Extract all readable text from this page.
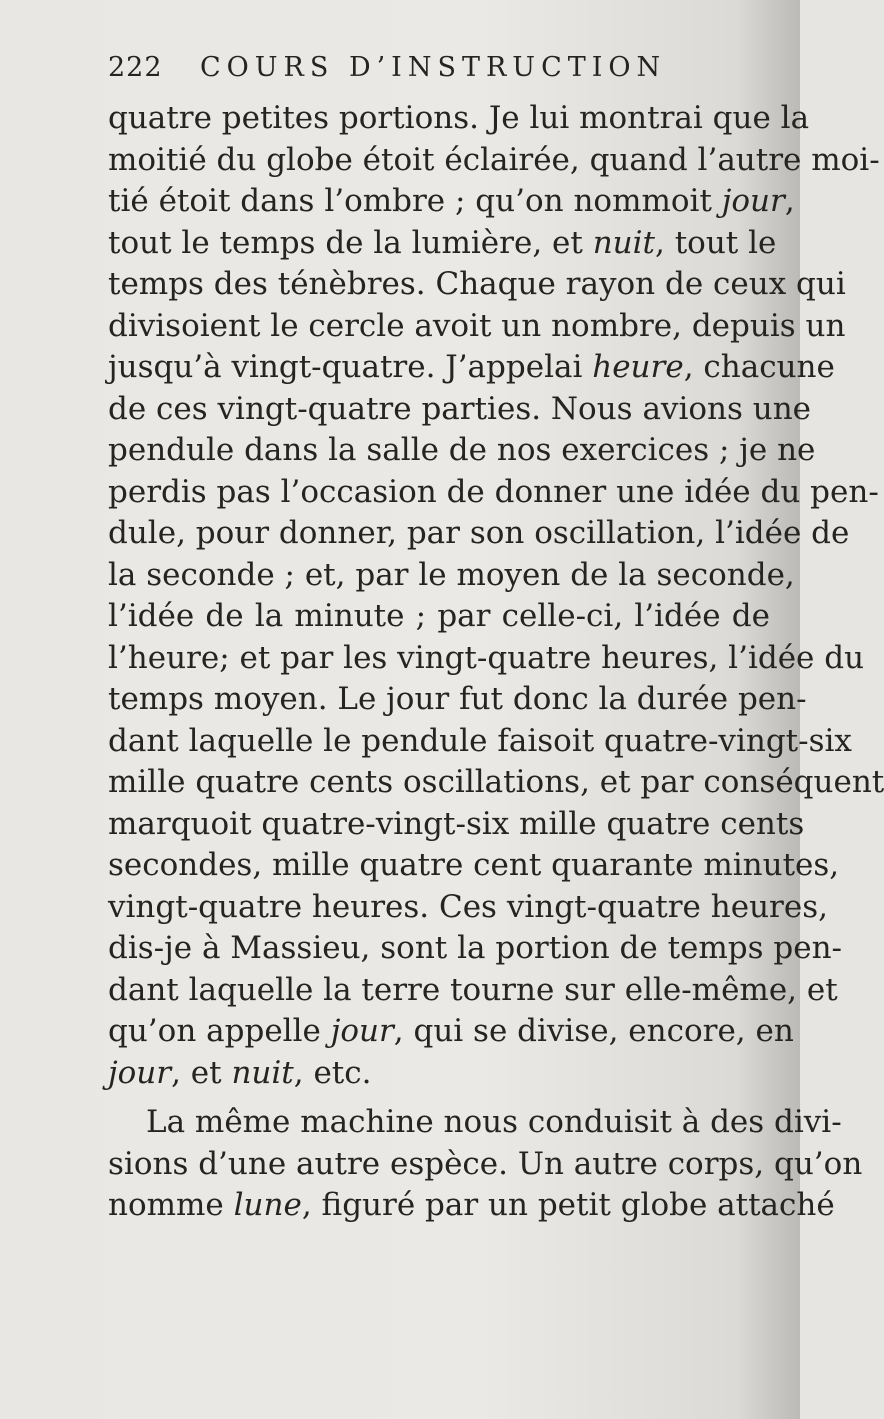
222 COURS D’INSTRUCTION
quatre petites portions. Je lui montrai que la
moitié du globe étoit éclairée, quand l’autre moi-
tié étoit dans l’ombre ; qu’on nommoit jour,
tout le temps de la lumière, et nuit, tout le
temps des ténèbres. Chaque rayon de ceux qui
divisoient le cercle avoit un nombre, depuis un
jusqu’à vingt-quatre. J’appelai heure, chacune
de ces vingt-quatre parties. Nous avions une
pendule dans la salle de nos exercices ; je ne
perdis pas l’occasion de donner une idée du pen-
dule, pour donner, par son oscillation, l’idée de
la seconde ; et, par le moyen de la seconde,
l’idée de la minute ; par celle-ci, l’idée de
l’heure; et par les vingt-quatre heures, l’idée du
temps moyen. Le jour fut donc la durée pen-
dant laquelle le pendule faisoit quatre-vingt-six
mille quatre cents oscillations, et par conséquent
marquoit quatre-vingt-six mille quatre cents
secondes, mille quatre cent quarante minutes,
vingt-quatre heures. Ces vingt-quatre heures,
dis-je à Massieu, sont la portion de temps pen-
dant laquelle la terre tourne sur elle-même, et
qu’on appelle jour, qui se divise, encore, en
jour, et nuit, etc.
La même machine nous conduisit à des divi-
sions d’une autre espèce. Un autre corps, qu’on
nomme lune, figuré par un petit globe attaché
